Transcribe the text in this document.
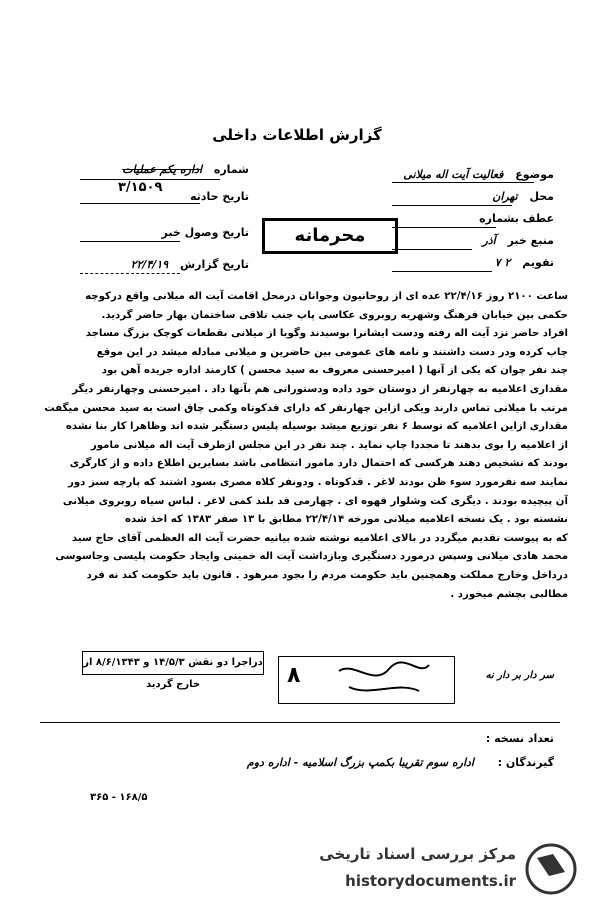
گزارش اطلاعات داخلی
موضوع فعالیت آیت اله میلانی
محل تهران
عطف بشماره
منبع خبر آذر
تقویم ۲ ۷
شماره اداره یکم عملیات
۳/۱۵۰۹
تاریخ حادثه
تاریخ وصول خبر
تاریخ گزارش ۲۲/۴/۱۹
محرمانه

ساعت ۲۱۰۰ روز ۲۲/۴/۱۶ عده ای از روحانیون وجوانان درمحل اقامت آیت اله میلانی واقع درکوچه

حکمی بین خیابان فرهنگ وشهریه روبروی عکاسی پاپ جنب تلاقی ساختمان بهار حاضر گردید.

افراد حاضر نزد آیت اله رفته ودست ایشانرا بوسیدند وگویا از میلانی بقطعات کوچک بزرگ مساجد

چاپ کرده ودر دست داشتند و نامه های عمومی بین حاضرین و میلانی مبادله میشد در این موقع

چند نفر چوان که یکی از آنها ( امیرحسنی معروف به سید محسن ) کارمند اداره جریده آهن بود

مقداری اعلامیه به چهارنفر از دوستان خود داده ودستوراتی هم بآنها داد . امیرحسنی وچهارنفر دیگر

مرتب با میلانی تماس دارند ویکی ازاین چهارنفر که دارای قدکوتاه وکمی چاق است به سید محسن میگفت

مقداری ازاین اعلامیه که توسط ۶ نفر توزیع میشد بوسیله پلیس دستگیر شده اند وظاهرا کار بنا نشده

از اعلامیه را بوی بدهند تا مجددا چاپ نماید . چند نفر در این مجلس ازطرف آیت اله میلانی مامور

بودند که تشخیص دهند هرکسی که احتمال دارد مامور انتظامی باشد بسایرین اطلاع داده و از کارگری

نمایند سه نفرمورد سوء ظن بودند لاغر . قدکوتاه . ودونفر کلاه مصری بسود اشتند که پارچه سبز دور

آن پیچیده بودند . دیگری کت وشلوار قهوه ای . چهارمی قد بلند کمی لاغر . لباس سیاه روبروی میلانی

نشسته بود . یک نسخه اعلامیه میلانی مورخه ۲۲/۴/۱۴ مطابق با ۱۳ صفر ۱۳۸۳ که اخذ شده

که به پیوست تقدیم میگردد در بالای اعلامیه نوشته شده بیانیه حضرت آیت اله العظمی آقای حاج سید

محمد هادی میلانی وسپس درمورد دستگیری وبازداشت آیت اله خمینی وایجاد حکومت پلیسی وجاسوسی

درداخل وخارج مملکت وهمچنین باید حکومت مردم را بجود مبرهود . قانون باید حکومت کند نه فرد

مطالبی بچشم میخورد .

دراجرا دو نقش ۱۴/۵/۳ و ۸/۶/۱۳۴۳ از خارج گردید	۸	سر دار بر دار نه
تعداد نسخه :
گیرندگان :
اداره سوم تقریبا بکمپ بزرگ اسلامیه - اداره دوم
۳۶۵ - ۱۶۸/۵
مرکز بررسی اسناد تاریخی
historydocuments.ir
